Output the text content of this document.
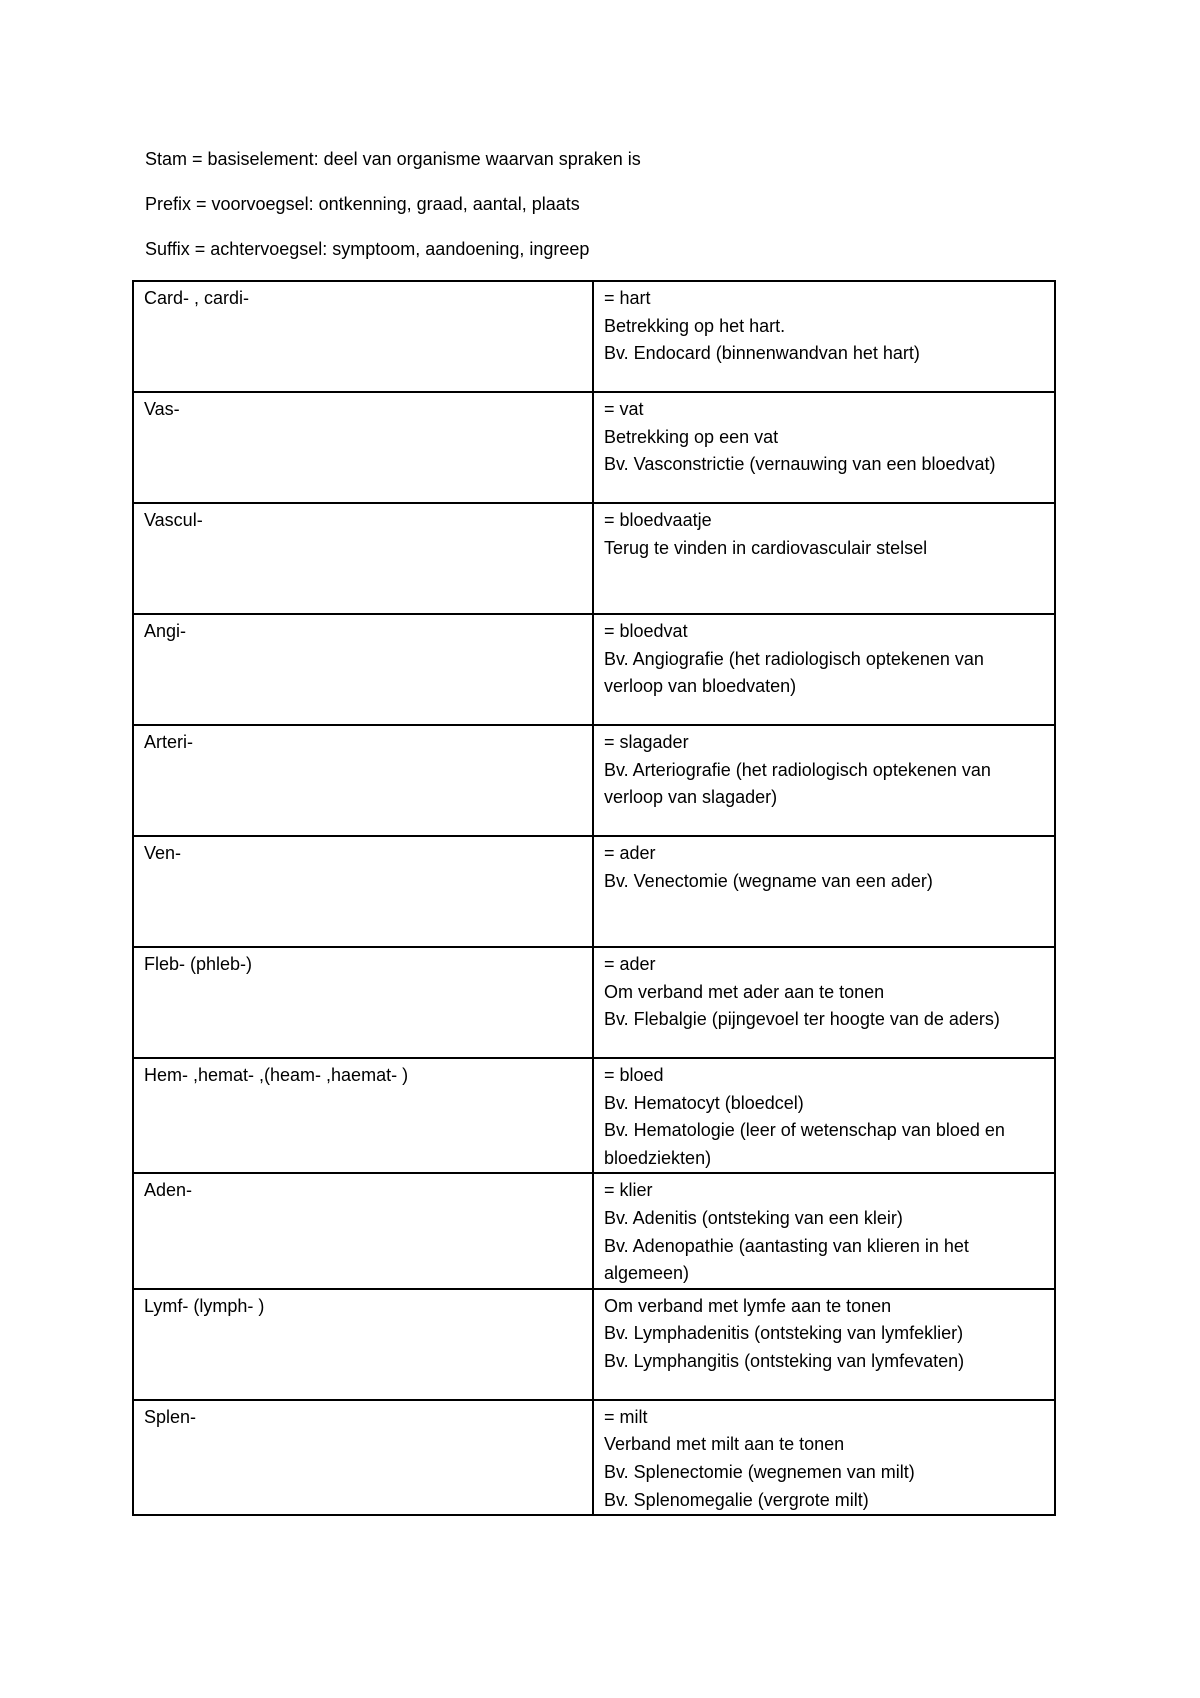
Stam = basiselement: deel van organisme waarvan spraken is
Prefix = voorvoegsel: ontkenning, graad, aantal, plaats
Suffix = achtervoegsel: symptoom, aandoening, ingreep
Card- , cardi-	= hart
Betrekking op het hart.
Bv. Endocard (binnenwandvan het hart)

Vas-	= vat
Betrekking op een vat
Bv. Vasconstrictie (vernauwing van een bloedvat)

Vascul-	= bloedvaatje
Terug te vinden in cardiovasculair stelsel

Angi-	= bloedvat
Bv. Angiografie (het radiologisch optekenen van verloop van bloedvaten)

Arteri-	= slagader
Bv. Arteriografie (het radiologisch optekenen van verloop van slagader)

Ven-	= ader
Bv. Venectomie (wegname van een ader)

Fleb- (phleb-)	= ader
Om verband met ader aan te tonen
Bv. Flebalgie (pijngevoel ter hoogte van de aders)

Hem- ,hemat- ,(heam- ,haemat- )	= bloed
Bv. Hematocyt (bloedcel)
Bv. Hematologie (leer of wetenschap van bloed en bloedziekten)

Aden-	= klier
Bv. Adenitis (ontsteking van een kleir)
Bv. Adenopathie (aantasting van klieren in het algemeen)

Lymf- (lymph- )	Om verband met lymfe aan te tonen
Bv. Lymphadenitis (ontsteking van lymfeklier)
Bv. Lymphangitis (ontsteking van lymfevaten)

Splen-	= milt
Verband met milt aan te tonen
Bv. Splenectomie (wegnemen van milt)
Bv. Splenomegalie (vergrote milt)
